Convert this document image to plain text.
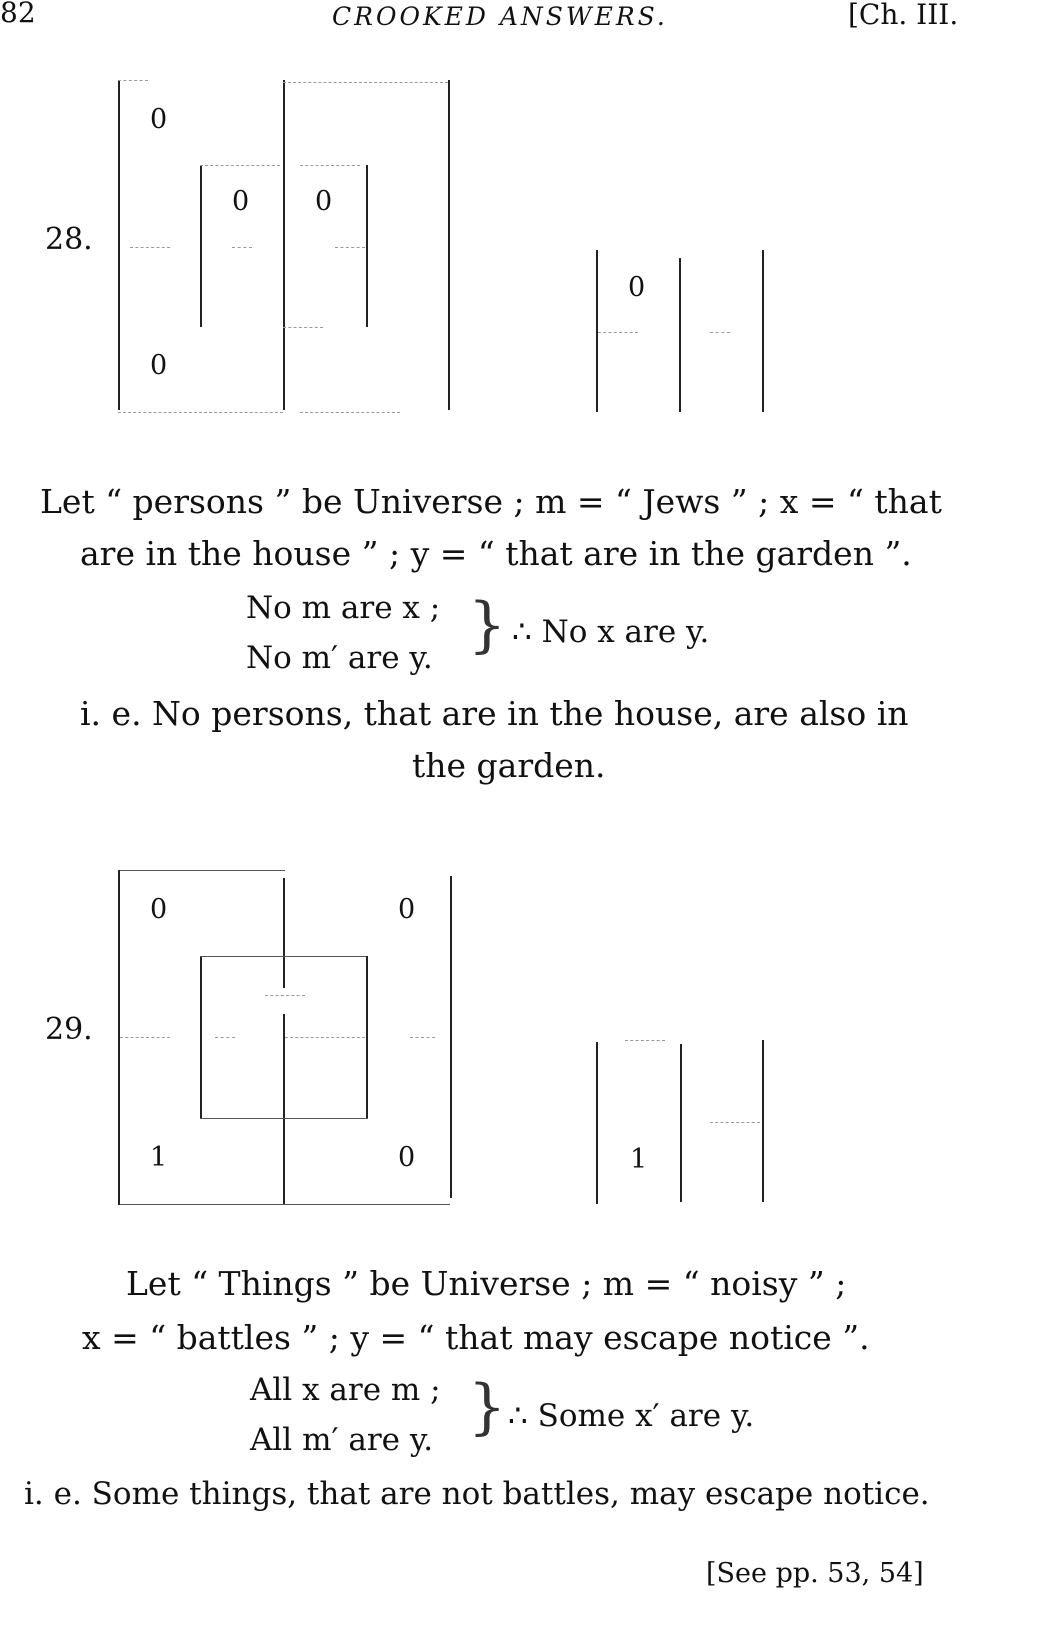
82	CROOKED ANSWERS.	[Ch. III.
28.
0
0 0
0
0
Let “ persons ” be Universe ; m = “ Jews ” ; x = “ that
are in the house ” ; y = “ that are in the garden ”.
No m are x ;
No m′ are y. } ∴ No x are y.
i. e. No persons, that are in the house, are also in
the garden.
29.
0	0
1	0	1
Let “ Things ” be Universe ; m = “ noisy ” ;
x = “ battles ” ; y = “ that may escape notice ”.
All x are m ;
All m′ are y. } ∴ Some x′ are y.
i. e. Some things, that are not battles, may escape notice.
[See pp. 53, 54]
